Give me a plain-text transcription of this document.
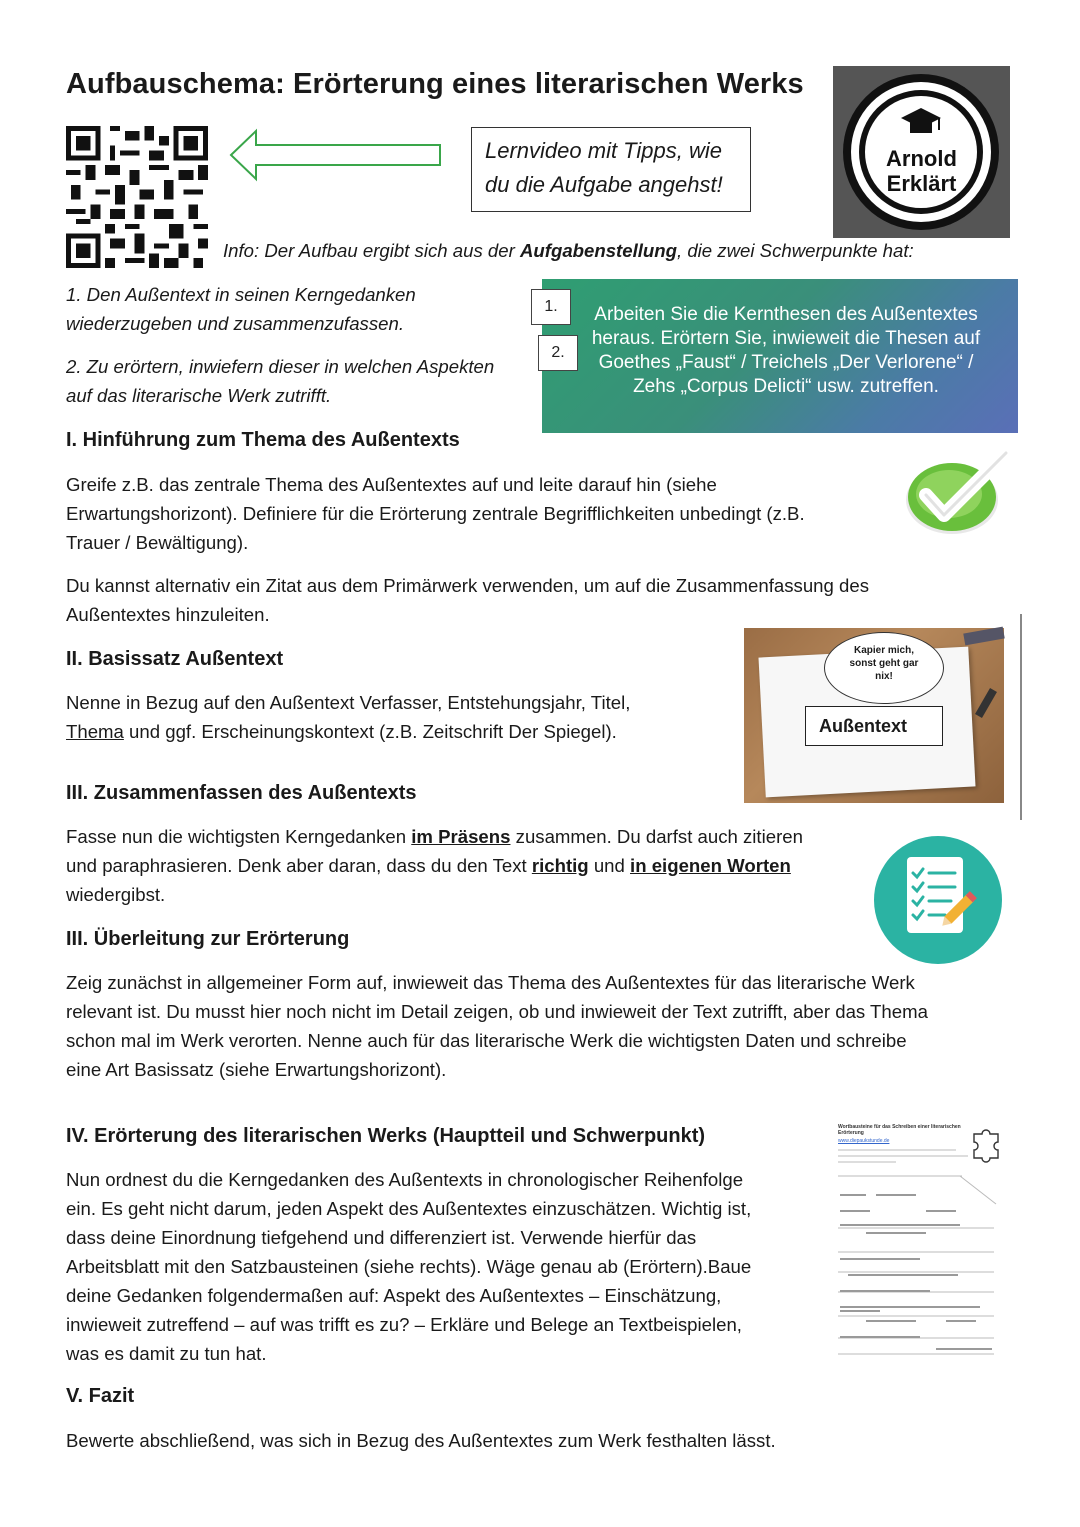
Aufbauschema: Erörterung eines literarischen Werks
Lernvideo mit Tipps, wie
du die Aufgabe angehst!
Arnold
Erklärt
Info: Der Aufbau ergibt sich aus der Aufgabenstellung, die zwei Schwerpunkte hat:
1. Den Außentext in seinen Kerngedanken
wiederzugeben und zusammenzufassen.
2. Zu erörtern, inwiefern dieser in welchen Aspekten
auf das literarische Werk zutrifft.
Arbeiten Sie die Kernthesen des Außentextes
heraus. Erörtern Sie, inwieweit die Thesen auf
Goethes „Faust“ / Treichels „Der Verlorene“ /
Zehs „Corpus Delicti“ usw. zutreffen.
1.
2.
I. Hinführung zum Thema des Außentexts
Greife z.B. das zentrale Thema des Außentextes auf und leite darauf hin (siehe
Erwartungshorizont). Definiere für die Erörterung zentrale Begrifflichkeiten unbedingt (z.B.
Trauer / Bewältigung).
Du kannst alternativ ein Zitat aus dem Primärwerk verwenden, um auf die Zusammenfassung des
Außentextes hinzuleiten.
II. Basissatz Außentext
Nenne in Bezug auf den Außentext Verfasser, Entstehungsjahr, Titel,
Thema und ggf. Erscheinungskontext (z.B. Zeitschrift Der Spiegel).
Kapier mich,
sonst geht gar
nix!
Außentext
III. Zusammenfassen des Außentexts
Fasse nun die wichtigsten Kerngedanken im Präsens zusammen. Du darfst auch zitieren
und paraphrasieren. Denk aber daran, dass du den Text richtig und in eigenen Worten
wiedergibst.
III. Überleitung zur Erörterung
Zeig zunächst in allgemeiner Form auf, inwieweit das Thema des Außentextes für das literarische Werk
relevant ist. Du musst hier noch nicht im Detail zeigen, ob und inwieweit der Text zutrifft, aber das Thema
schon mal im Werk verorten. Nenne auch für das literarische Werk die wichtigsten Daten und schreibe
eine Art Basissatz (siehe Erwartungshorizont).
IV. Erörterung des literarischen Werks (Hauptteil und Schwerpunkt)
Nun ordnest du die Kerngedanken des Außentexts in chronologischer Reihenfolge
ein. Es geht nicht darum, jeden Aspekt des Außentextes einzuschätzen. Wichtig ist,
dass deine Einordnung tiefgehend und differenziert ist. Verwende hierfür das
Arbeitsblatt mit den Satzbausteinen (siehe rechts). Wäge genau ab (Erörtern).Baue
deine Gedanken folgendermaßen auf: Aspekt des Außentextes – Einschätzung,
inwieweit zutreffend – auf was trifft es zu? – Erkläre und Belege an Textbeispielen,
was es damit zu tun hat.
Wortbausteine für das Schreiben einer literarischen
Erörterung
www.diepaukstunde.de
V. Fazit
Bewerte abschließend, was sich in Bezug des Außentextes zum Werk festhalten lässt.
